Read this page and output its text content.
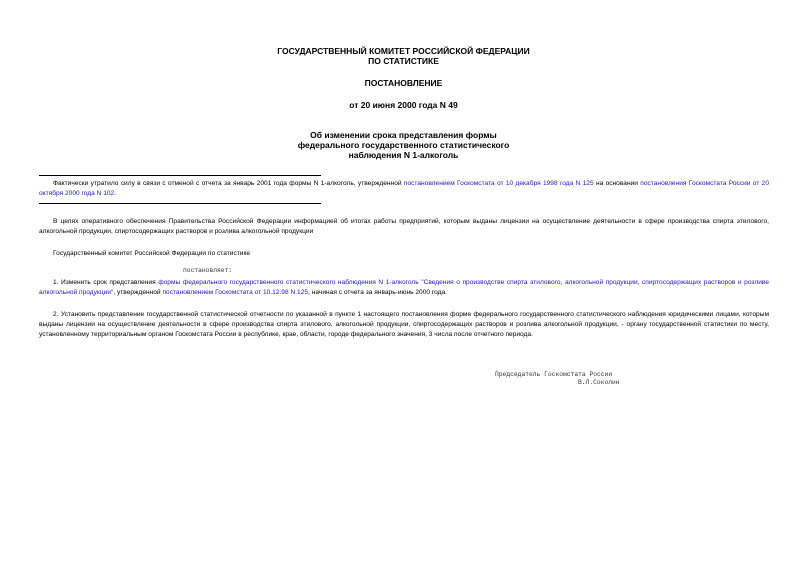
ГОСУДАРСТВЕННЫЙ КОМИТЕТ РОССИЙСКОЙ ФЕДЕРАЦИИ
ПО СТАТИСТИКЕ
ПОСТАНОВЛЕНИЕ
от 20 июня 2000 года N 49
Об изменении срока представления формы
федерального государственного статистического
наблюдения N 1-алкоголь
Фактически утратило силу в связи с отменой с отчета за январь 2001 года формы N 1-алкоголь, утвержденной постановлением Госкомстата от 10 декабря 1998 года N 125 на основании постановления Госкомстата России от 20 октября 2000 года N 102.
В целях оперативного обеспечения Правительства Российской Федерации информацией об итогах работы предприятий, которым выданы лицензии на осуществление деятельности в сфере производства спирта этилового, алкогольной продукции, спиртосодержащих растворов и розлива алкогольной продукции
Государственный комитет Российской Федерации по статистике
постановляет:
1. Изменить срок представления формы федерального государственного статистического наблюдения N 1-алкоголь "Сведения о производстве спирта этилового, алкогольной продукции, спиртосодержащих растворов и розливе алкогольной продукции", утвержденной постановлением Госкомстата от 10.12.98 N 125, начиная с отчета за январь-июнь 2000 года.
2. Установить представление государственной статистической отчетности по указанной в пункте 1 настоящего постановления форме федерального государственного статистического наблюдения юридическими лицами, которым выданы лицензии на осуществление деятельности в сфере производства спирта этилового, алкогольной продукции, спиртосодержащих растворов и розлива алкогольной продукции, - органу государственной статистики по месту, установленному территориальным органом Госкомстата России в республике, крае, области, городе федерального значения, 3 числа после отчетного периода.
Председатель Госкомстата России
В.Л.Соколин
